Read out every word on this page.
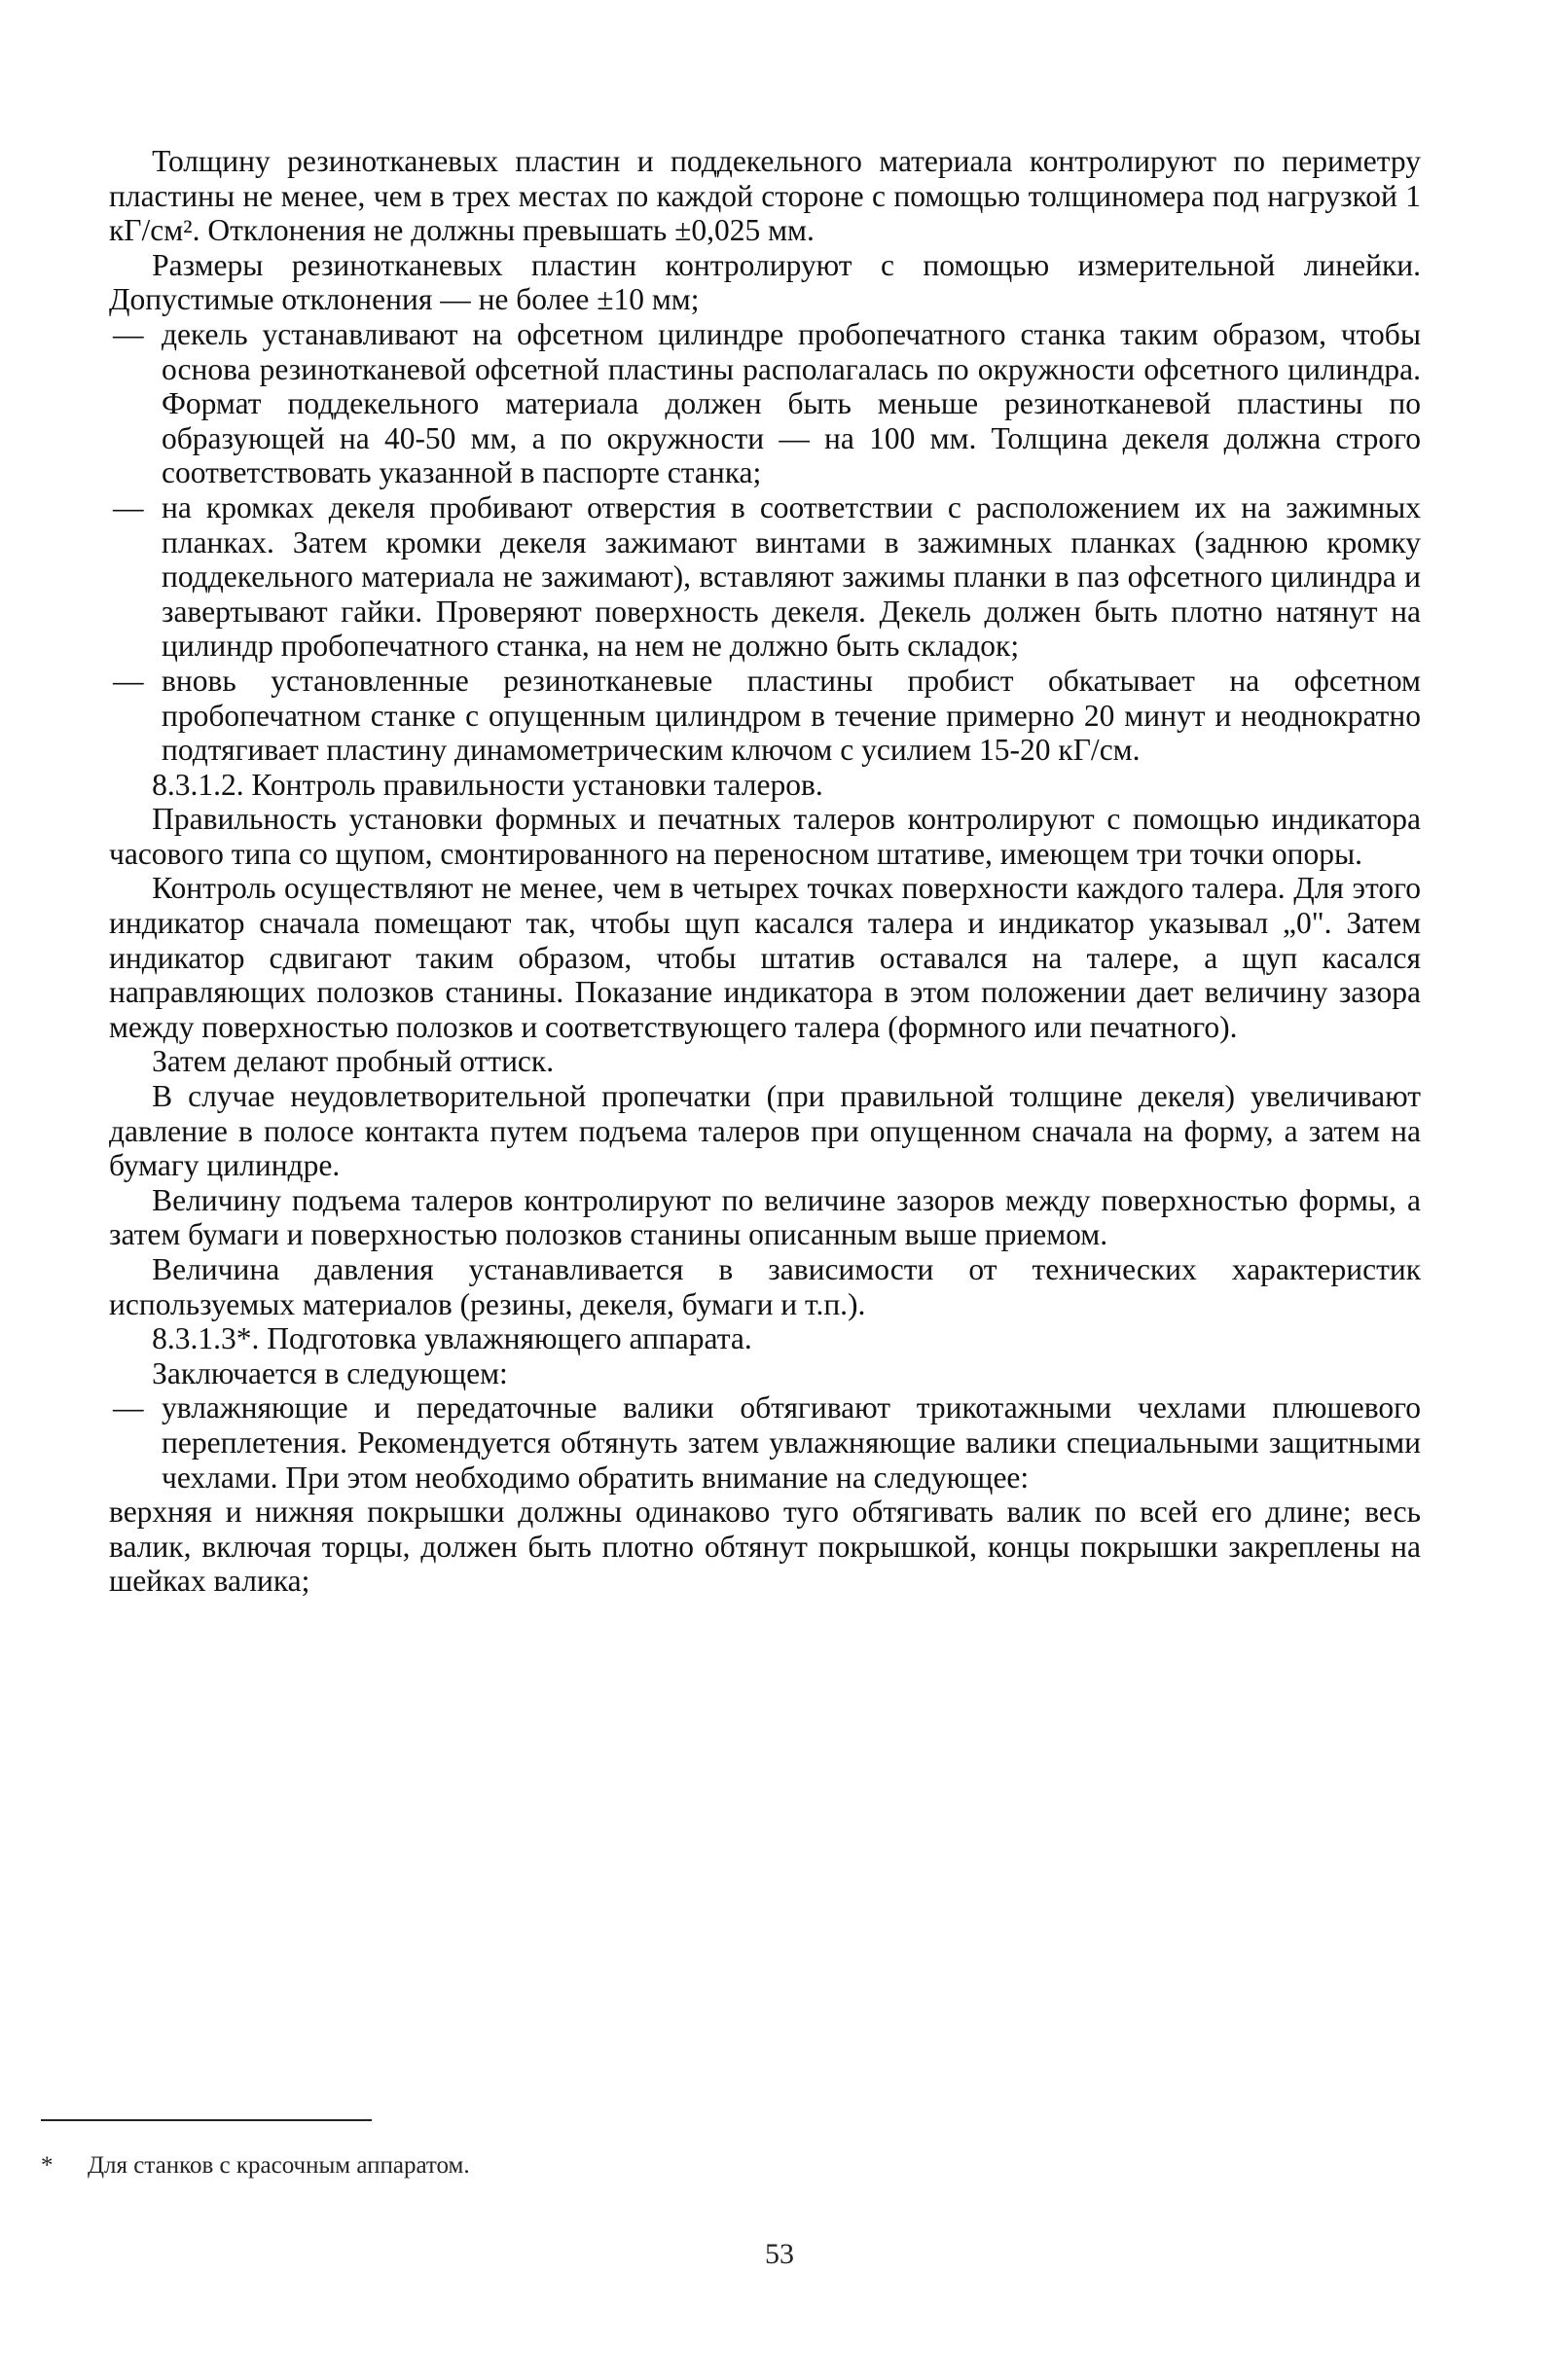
Толщину резинотканевых пластин и поддекельного материала контролируют по периметру пластины не менее, чем в трех местах по каждой стороне с помощью толщиномера под нагрузкой 1 кГ/см². Отклонения не должны превышать ±0,025 мм.

Размеры резинотканевых пластин контролируют с помощью измерительной линейки. Допустимые отклонения — не более ±10 мм;

— декель устанавливают на офсетном цилиндре пробопечатного станка таким образом, чтобы основа резинотканевой офсетной пластины располагалась по окружности офсетного цилиндра. Формат поддекельного материала должен быть меньше резинотканевой пластины по образующей на 40-50 мм, а по окружности — на 100 мм. Толщина декеля должна строго соответствовать указанной в паспорте станка;

— на кромках декеля пробивают отверстия в соответствии с расположением их на зажимных планках. Затем кромки декеля зажимают винтами в зажимных планках (заднюю кромку поддекельного материала не зажимают), вставляют зажимы планки в паз офсетного цилиндра и завертывают гайки. Проверяют поверхность декеля. Декель должен быть плотно натянут на цилиндр пробопечатного станка, на нем не должно быть складок;

— вновь установленные резинотканевые пластины пробист обкатывает на офсетном пробопечатном станке с опущенным цилиндром в течение примерно 20 минут и неоднократно подтягивает пластину динамометрическим ключом с усилием 15-20 кГ/см.

8.3.1.2. Контроль правильности установки талеров.

Правильность установки формных и печатных талеров контролируют с помощью индикатора часового типа со щупом, смонтированного на переносном штативе, имеющем три точки опоры.

Контроль осуществляют не менее, чем в четырех точках поверхности каждого талера. Для этого индикатор сначала помещают так, чтобы щуп касался талера и индикатор указывал „0". Затем индикатор сдвигают таким образом, чтобы штатив оставался на талере, а щуп касался направляющих полозков станины. Показание индикатора в этом положении дает величину зазора между поверхностью полозков и соответствующего талера (формного или печатного).

Затем делают пробный оттиск.

В случае неудовлетворительной пропечатки (при правильной толщине декеля) увеличивают давление в полосе контакта путем подъема талеров при опущенном сначала на форму, а затем на бумагу цилиндре.

Величину подъема талеров контролируют по величине зазоров между поверхностью формы, а затем бумаги и поверхностью полозков станины описанным выше приемом.

Величина давления устанавливается в зависимости от технических характеристик используемых материалов (резины, декеля, бумаги и т.п.).

8.3.1.3*. Подготовка увлажняющего аппарата.

Заключается в следующем:

— увлажняющие и передаточные валики обтягивают трикотажными чехлами плюшевого переплетения. Рекомендуется обтянуть затем увлажняющие валики специальными защитными чехлами. При этом необходимо обратить внимание на следующее:

верхняя и нижняя покрышки должны одинаково туго обтягивать валик по всей его длине; весь валик, включая торцы, должен быть плотно обтянут покрышкой, концы покрышки закреплены на шейках валика;

* Для станков с красочным аппаратом.
53
